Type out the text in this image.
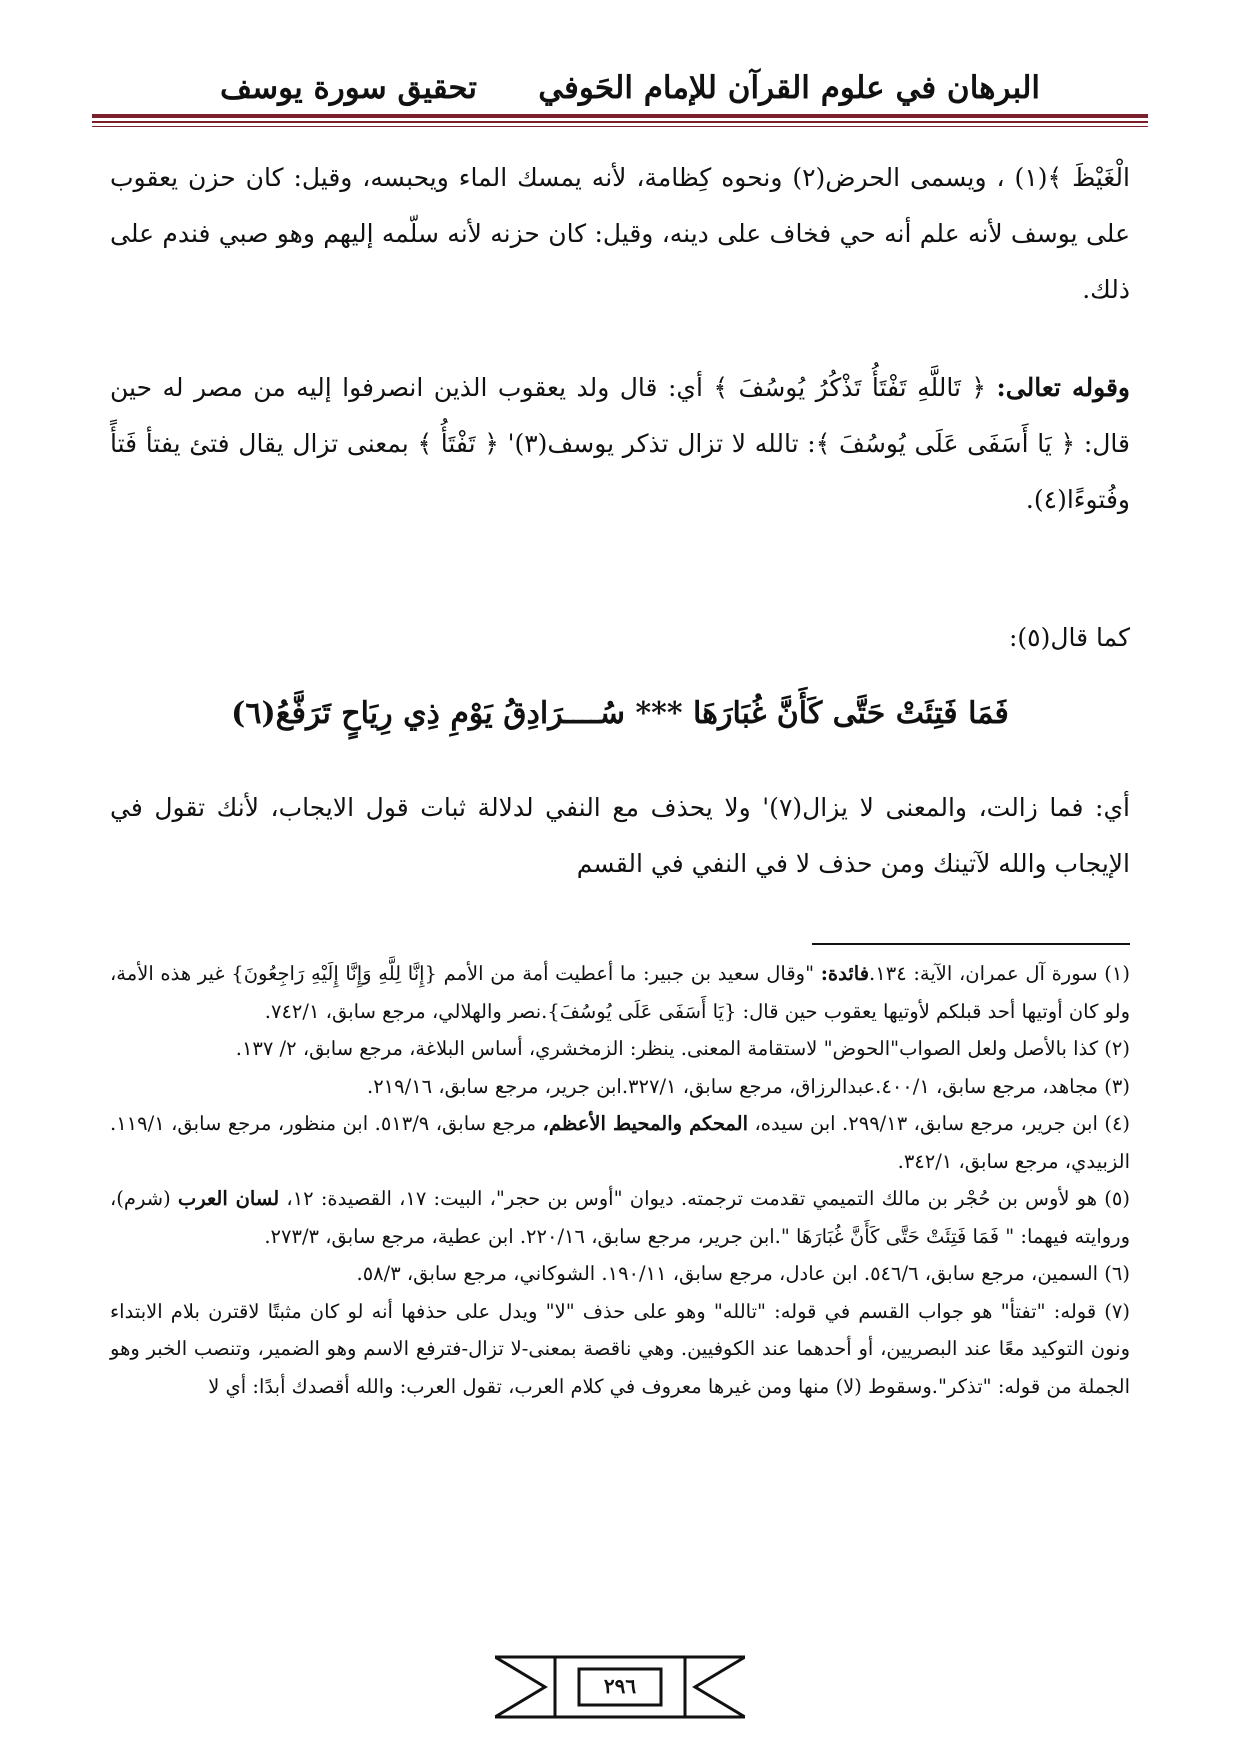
البرهان في علوم القرآن للإمام الحَوفي
تحقيق سورة يوسف
الْغَيْظَ ﴾(١) ، ويسمى الحرض(٢) ونحوه كِظامة، لأنه يمسك الماء ويحبسه، وقيل: كان حزن يعقوب على يوسف لأنه علم أنه حي فخاف على دينه، وقيل: كان حزنه لأنه سلّمه إليهم وهو صبي فندم على ذلك.
وقوله تعالى: ﴿ تَاللَّهِ تَفْتَأُ تَذْكُرُ يُوسُفَ ﴾ أي: قال ولد يعقوب الذين انصرفوا إليه من مصر له حين قال: ﴿ يَا أَسَفَى عَلَى يُوسُفَ ﴾: تالله لا تزال تذكر يوسف(٣)' ﴿ تَفْتَأُ ﴾ بمعنى تزال يقال فتئ يفتأ فَتأً وفُتوءًا(٤).
كما قال(٥):
فَمَا فَتِئَتْ حَتَّى كَأَنَّ غُبَارَهَا *** سُــــرَادِقُ يَوْمِ ذِي رِيَاحٍ تَرَفَّعُ(٦)
أي: فما زالت، والمعنى لا يزال(٧)' ولا يحذف مع النفي لدلالة ثبات قول الايجاب، لأنك تقول في الإيجاب والله لآتينك ومن حذف لا في النفي في القسم

(١) سورة آل عمران، الآية: ١٣٤.فائدة: "وقال سعيد بن جبير: ما أعطيت أمة من الأمم {إِنَّا لِلَّهِ وَإِنَّا إِلَيْهِ رَاجِعُونَ} غير هذه الأمة، ولو كان أوتيها أحد قبلكم لأوتيها يعقوب حين قال: {يَا أَسَفَى عَلَى يُوسُفَ}.نصر والهلالي، مرجع سابق، ٧٤٢/١.

(٢) كذا بالأصل ولعل الصواب"الحوض" لاستقامة المعنى. ينظر: الزمخشري، أساس البلاغة، مرجع سابق، ٢/ ١٣٧.

(٣) مجاهد، مرجع سابق، ٤٠٠/١.عبدالرزاق، مرجع سابق، ٣٢٧/١.ابن جرير، مرجع سابق، ٢١٩/١٦.

(٤) ابن جرير، مرجع سابق، ٢٩٩/١٣. ابن سيده، المحكم والمحيط الأعظم، مرجع سابق، ٥١٣/٩. ابن منظور، مرجع سابق، ١١٩/١. الزبيدي، مرجع سابق، ٣٤٢/١.

(٥) هو لأوس بن حُجْر بن مالك التميمي تقدمت ترجمته. ديوان "أوس بن حجر"، البيت: ١٧، القصيدة: ١٢، لسان العرب (شرم)، وروايته فيهما: " فَمَا فَتِئَتْ حَتَّى كَأَنَّ غُبَارَهَا ".ابن جرير، مرجع سابق، ٢٢٠/١٦. ابن عطية، مرجع سابق، ٢٧٣/٣.

(٦) السمين، مرجع سابق، ٥٤٦/٦. ابن عادل، مرجع سابق، ١٩٠/١١. الشوكاني، مرجع سابق، ٥٨/٣.

(٧) قوله: "تفتأ" هو جواب القسم في قوله: "تالله" وهو على حذف "لا" ويدل على حذفها أنه لو كان مثبتًا لاقترن بلام الابتداء ونون التوكيد معًا عند البصريين، أو أحدهما عند الكوفيين. وهي ناقصة بمعنى-لا تزال-فترفع الاسم وهو الضمير، وتنصب الخبر وهو الجملة من قوله: "تذكر".وسقوط (لا) منها ومن غيرها معروف في كلام العرب، تقول العرب: والله أقصدك أبدًا: أي لا

٢٩٦
